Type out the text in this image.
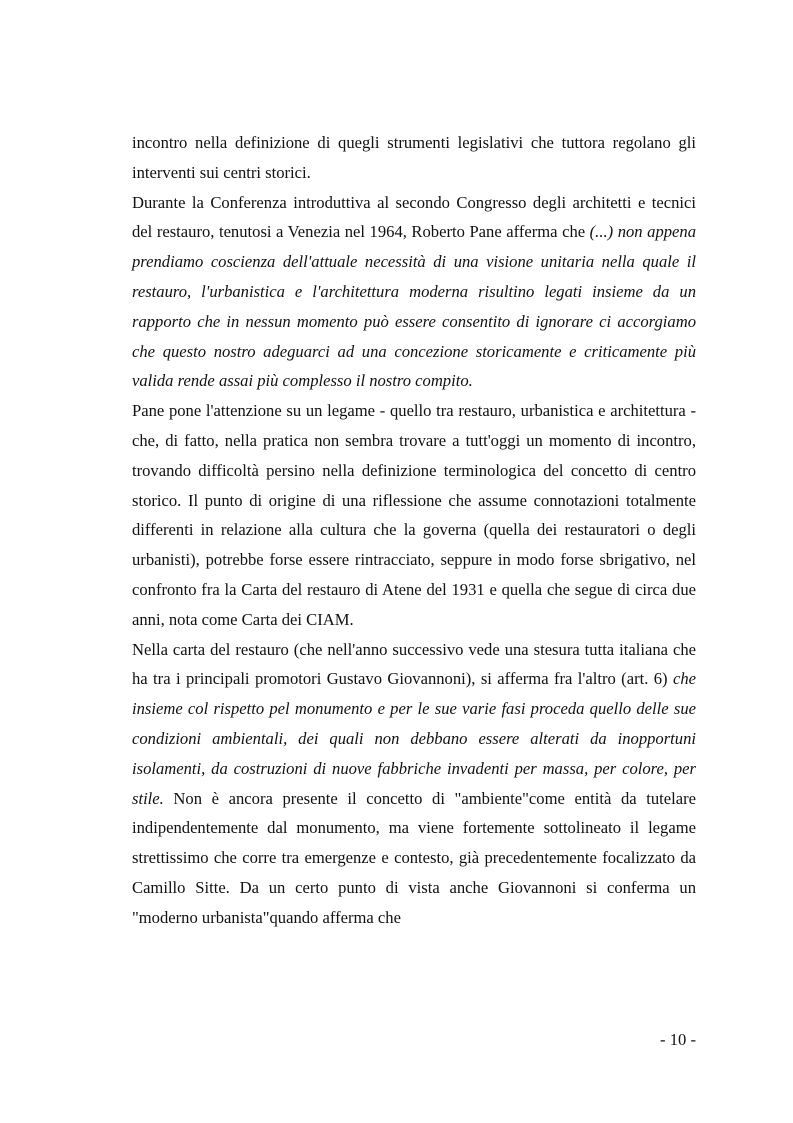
incontro nella definizione di quegli strumenti legislativi che tuttora regolano gli interventi sui centri storici.

Durante la Conferenza introduttiva al secondo Congresso degli architetti e tecnici del restauro, tenutosi a Venezia nel 1964, Roberto Pane afferma che (...) non appena prendiamo coscienza dell'attuale necessità di una visione unitaria nella quale il restauro, l'urbanistica e l'architettura moderna risultino legati insieme da un rapporto che in nessun momento può essere consentito di ignorare ci accorgiamo che questo nostro adeguarci ad una concezione storicamente e criticamente più valida rende assai più complesso il nostro compito.

Pane pone l'attenzione su un legame - quello tra restauro, urbanistica e architettura -che, di fatto, nella pratica non sembra trovare a tutt'oggi un momento di incontro, trovando difficoltà persino nella definizione terminologica del concetto di centro storico. Il punto di origine di una riflessione che assume connotazioni totalmente differenti in relazione alla cultura che la governa (quella dei restauratori o degli urbanisti), potrebbe forse essere rintracciato, seppure in modo forse sbrigativo, nel confronto fra la Carta del restauro di Atene del 1931 e quella che segue di circa due anni, nota come Carta dei CIAM.

Nella carta del restauro (che nell'anno successivo vede una stesura tutta italiana che ha tra i principali promotori Gustavo Giovannoni), si afferma fra l'altro (art. 6) che insieme col rispetto pel monumento e per le sue varie fasi proceda quello delle sue condizioni ambientali, dei quali non debbano essere alterati da inopportuni isolamenti, da costruzioni di nuove fabbriche invadenti per massa, per colore, per stile. Non è ancora presente il concetto di "ambiente"come entità da tutelare indipendentemente dal monumento, ma viene fortemente sottolineato il legame strettissimo che corre tra emergenze e contesto, già precedentemente focalizzato da Camillo Sitte. Da un certo punto di vista anche Giovannoni si conferma un "moderno urbanista"quando afferma che

- 10 -
